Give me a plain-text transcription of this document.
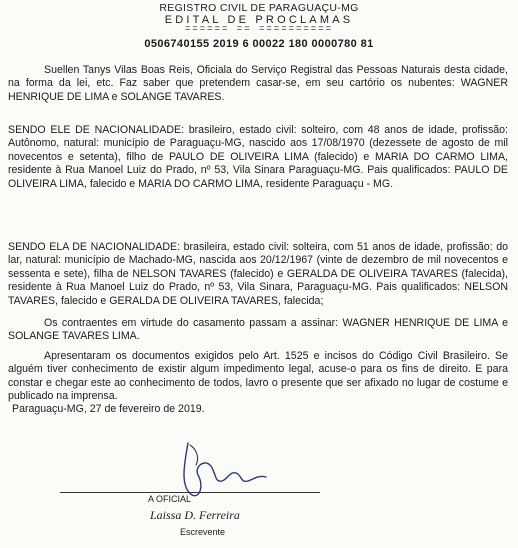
REGISTRO CIVIL DE PARAGUAÇU-MG
EDITAL DE PROCLAMAS
====== == ==========
0506740155 2019 6 00022 180 0000780 81

Suellen Tanys Vilas Boas Reis, Oficiala do Serviço Registral das Pessoas Naturais desta cidade, na forma da lei, etc. Faz saber que pretendem casar-se, em seu cartório os nubentes: WAGNER HENRIQUE DE LIMA e SOLANGE TAVARES.

SENDO ELE DE NACIONALIDADE: brasileiro, estado civil: solteiro, com 48 anos de idade, profissão: Autônomo, natural: município de Paraguaçu-MG, nascido aos 17/08/1970 (dezessete de agosto de mil novecentos e setenta), filho de PAULO DE OLIVEIRA LIMA (falecido) e MARIA DO CARMO LIMA, residente à Rua Manoel Luiz do Prado, nº 53, Vila Sinara Paraguaçu-MG. Pais qualificados: PAULO DE OLIVEIRA LIMA, falecido e MARIA DO CARMO LIMA, residente Paraguaçu - MG.

SENDO ELA DE NACIONALIDADE: brasileira, estado civil: solteira, com 51 anos de idade, profissão: do lar, natural: município de Machado-MG, nascida aos 20/12/1967 (vinte de dezembro de mil novecentos e sessenta e sete), filha de NELSON TAVARES (falecido) e GERALDA DE OLIVEIRA TAVARES (falecida), residente à Rua Manoel Luiz do Prado, nº 53, Vila Sinara, Paraguaçu-MG. Pais qualificados: NELSON TAVARES, falecido e GERALDA DE OLIVEIRA TAVARES, falecida;

Os contraentes em virtude do casamento passam a assinar: WAGNER HENRIQUE DE LIMA e SOLANGE TAVARES LIMA.

Apresentaram os documentos exigidos pelo Art. 1525 e incisos do Código Civil Brasileiro. Se alguém tiver conhecimento de existir algum impedimento legal, acuse-o para os fins de direito. E para constar e chegar este ao conhecimento de todos, lavro o presente que ser afixado no lugar de costume e publicado na imprensa.

Paraguaçu-MG, 27 de fevereiro de 2019.
A OFICIAL
Laissa D. Ferreira
Escrevente
